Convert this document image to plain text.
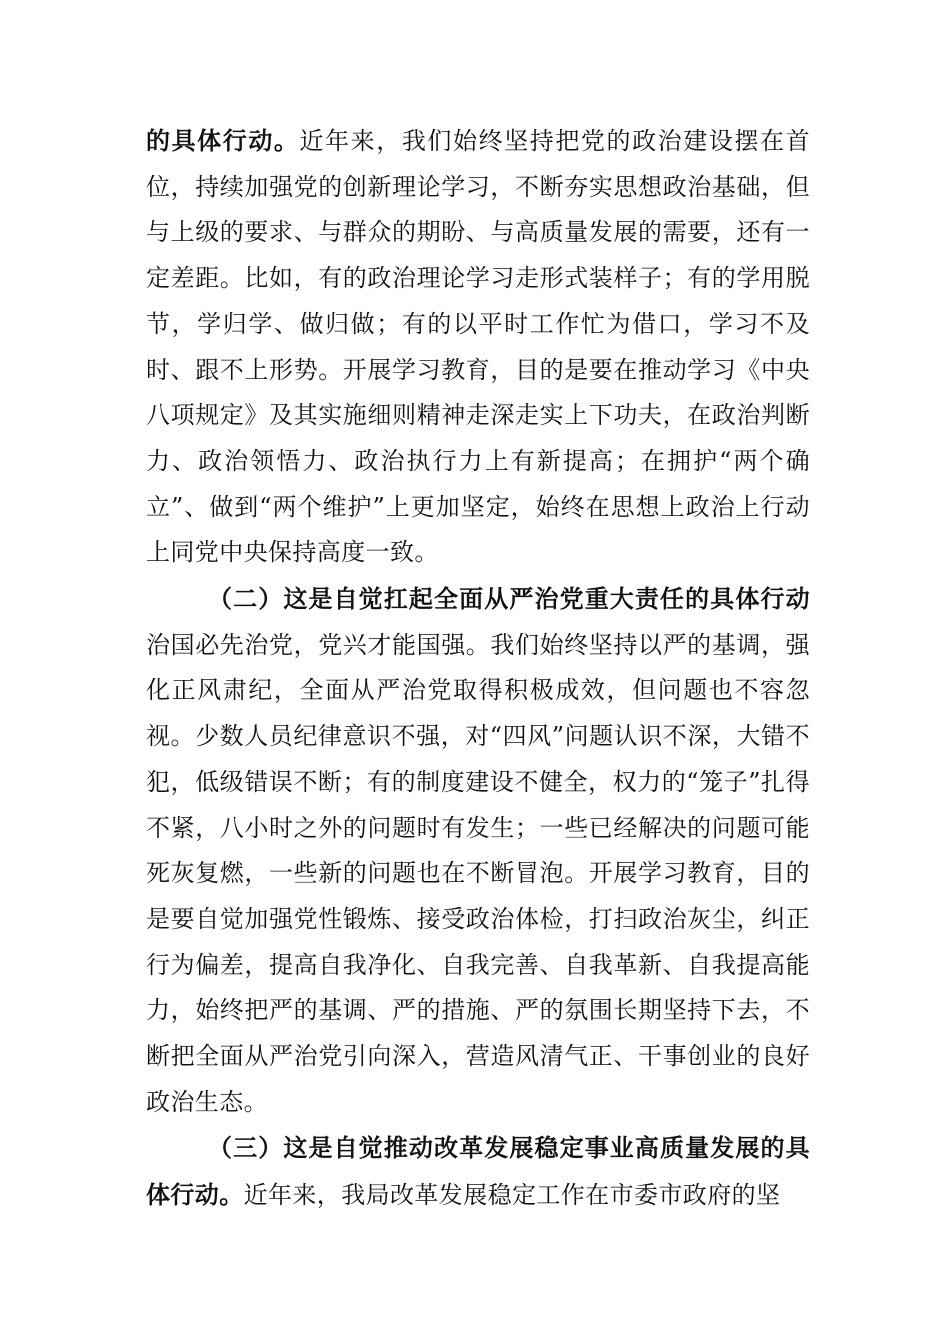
的具体行动。近年来，我们始终坚持把党的政治建设摆在首位，持续加强党的创新理论学习，不断夯实思想政治基础，但与上级的要求、与群众的期盼、与高质量发展的需要，还有一定差距。比如，有的政治理论学习走形式装样子；有的学用脱节，学归学、做归做；有的以平时工作忙为借口，学习不及时、跟不上形势。开展学习教育，目的是要在推动学习《中央八项规定》及其实施细则精神走深走实上下功夫，在政治判断力、政治领悟力、政治执行力上有新提高；在拥护“两个确立”、做到“两个维护”上更加坚定，始终在思想上政治上行动上同党中央保持高度一致。

（二）这是自觉扛起全面从严治党重大责任的具体行动治国必先治党，党兴才能国强。我们始终坚持以严的基调，强化正风肃纪，全面从严治党取得积极成效，但问题也不容忽视。少数人员纪律意识不强，对“四风”问题认识不深，大错不犯，低级错误不断；有的制度建设不健全，权力的“笼子”扎得不紧，八小时之外的问题时有发生；一些已经解决的问题可能死灰复燃，一些新的问题也在不断冒泡。开展学习教育，目的是要自觉加强党性锻炼、接受政治体检，打扫政治灰尘，纠正行为偏差，提高自我净化、自我完善、自我革新、自我提高能力，始终把严的基调、严的措施、严的氛围长期坚持下去，不断把全面从严治党引向深入，营造风清气正、干事创业的良好政治生态。

（三）这是自觉推动改革发展稳定事业高质量发展的具体行动。近年来，我局改革发展稳定工作在市委市政府的坚
